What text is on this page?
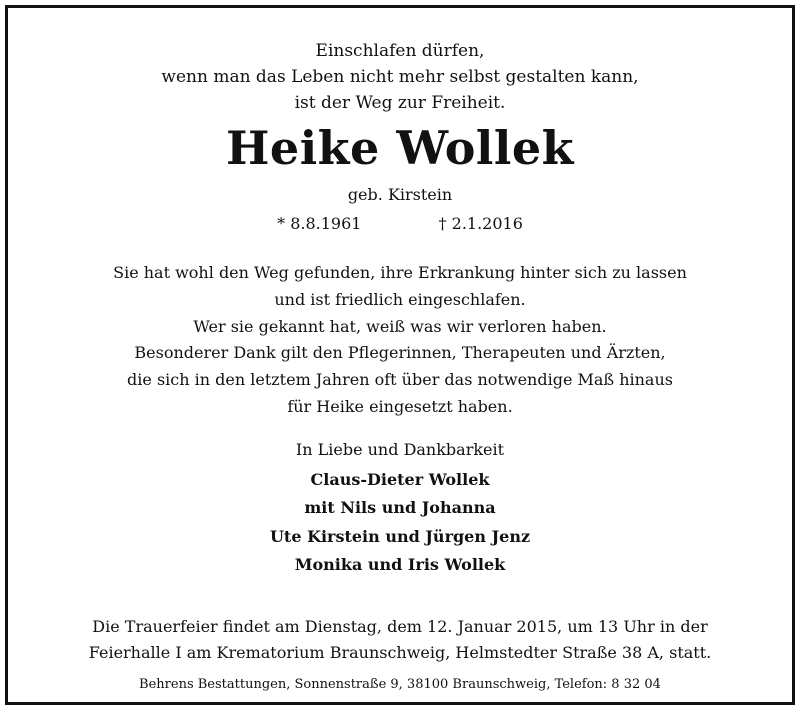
Einschlafen dürfen,
wenn man das Leben nicht mehr selbst gestalten kann,
ist der Weg zur Freiheit.
Heike Wollek
geb. Kirstein
* 8.8.1961	† 2.1.2016
Sie hat wohl den Weg gefunden, ihre Erkrankung hinter sich zu lassen
und ist friedlich eingeschlafen.
Wer sie gekannt hat, weiß was wir verloren haben.
Besonderer Dank gilt den Pflegerinnen, Therapeuten und Ärzten,
die sich in den letztem Jahren oft über das notwendige Maß hinaus
für Heike eingesetzt haben.
In Liebe und Dankbarkeit
Claus-Dieter Wollek
mit Nils und Johanna
Ute Kirstein und Jürgen Jenz
Monika und Iris Wollek
Die Trauerfeier findet am Dienstag, dem 12. Januar 2015, um 13 Uhr in der
Feierhalle I am Krematorium Braunschweig, Helmstedter Straße 38 A, statt.
Behrens Bestattungen, Sonnenstraße 9, 38100 Braunschweig, Telefon: 8 32 04
